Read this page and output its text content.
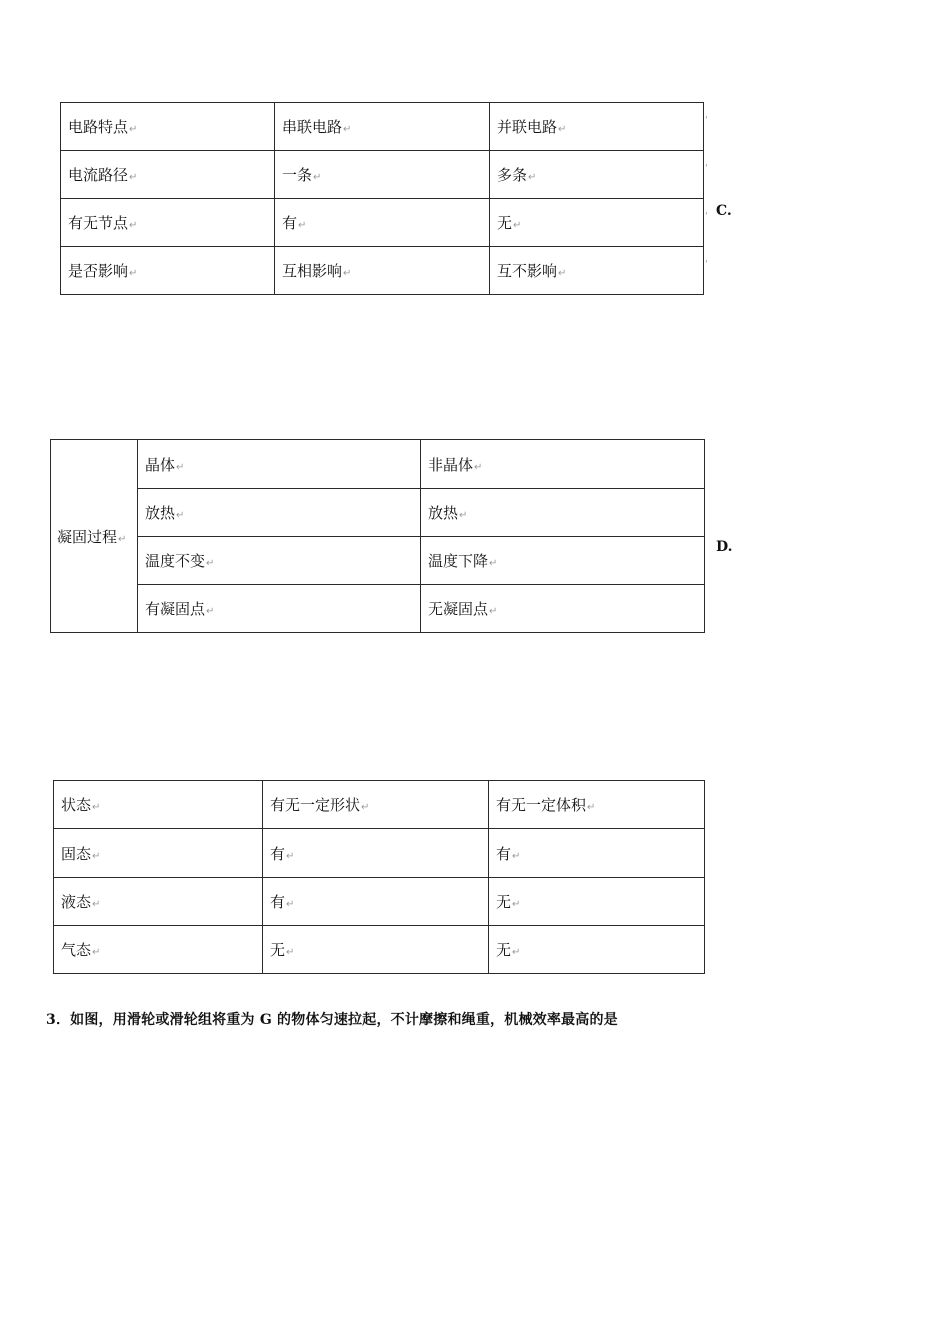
电路特点↵	串联电路↵	并联电路↵
电流路径↵	一条↵	多条↵
有无节点↵	有↵	无↵
是否影响↵	互相影响↵	互不影响↵
ˈ
ˈ
ˈ
ˈ
C.
凝固过程↵	晶体↵	非晶体↵
	放热↵	放热↵
	温度不变↵	温度下降↵
	有凝固点↵	无凝固点↵
D.
状态↵	有无一定形状↵	有无一定体积↵
固态↵	有↵	有↵
液态↵	有↵	无↵
气态↵	无↵	无↵
3．如图，用滑轮或滑轮组将重为 G 的物体匀速拉起，不计摩擦和绳重，机械效率最高的是
